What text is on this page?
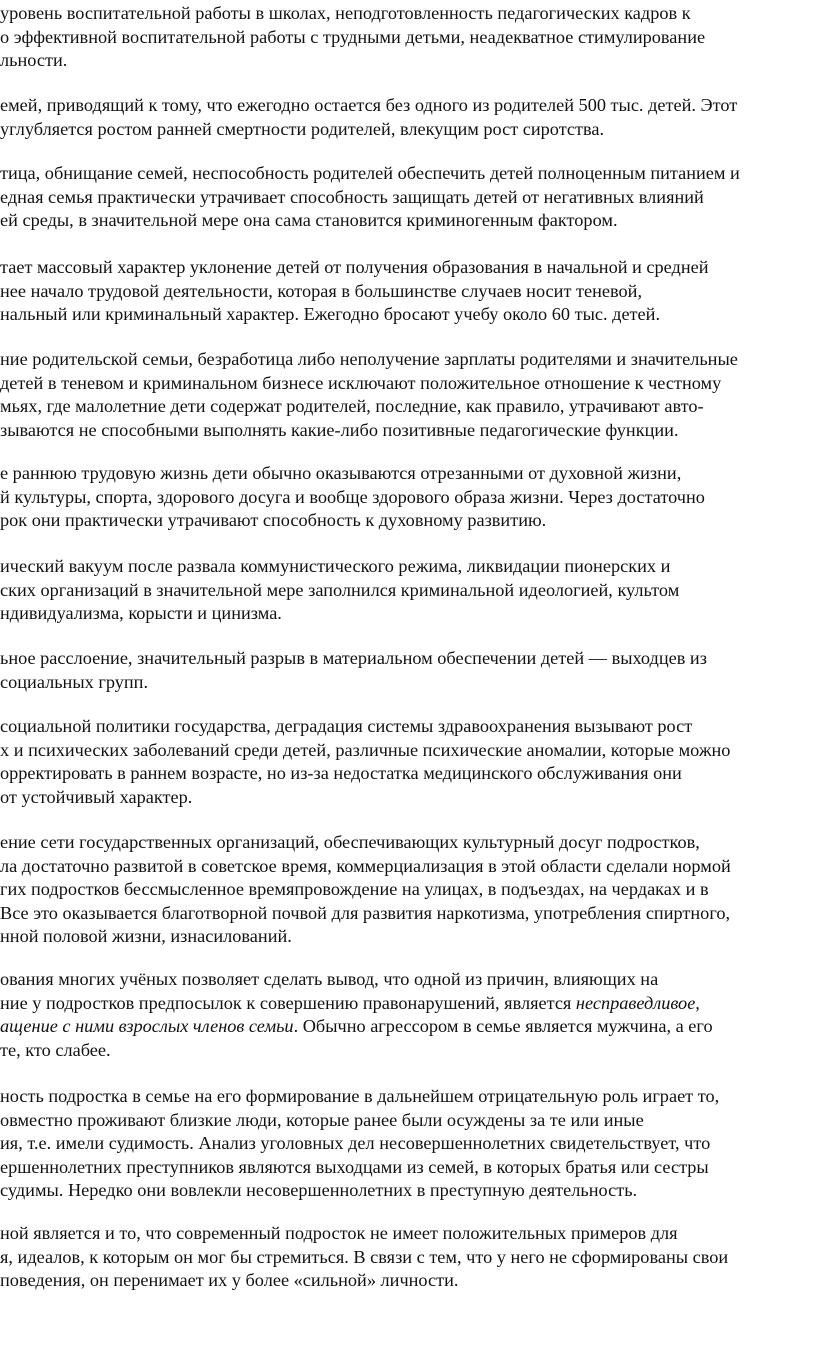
уровень воспитательной работы в школах, неподготовленность педагогических кадров к
о эффективной воспитательной работы с трудными детьми, неадекватное стимулирование
льности.

емей, приводящий к тому, что ежегодно остается без одного из родителей 500 тыс. детей. Этот
углубляется ростом ранней смертности родителей, влекущим рост сиротства.

тица, обнищание семей, неспособность родителей обеспечить детей полноценным питанием и
едная семья практически утрачивает способность защищать детей от негативных влияний
ей среды, в значительной мере она сама становится криминогенным фактором.

тает массовый характер уклонение детей от получения образования в начальной и средней
нее начало трудовой деятельности, которая в большинстве случаев носит теневой,
нальный или криминальный характер. Ежегодно бросают учебу около 60 тыс. детей.

ние родительской семьи, безработица либо неполучение зарплаты родителями и значительные
детей в теневом и криминальном бизнесе исключают положительное отношение к честному
мьях, где малолетние дети содержат родителей, последние, как правило, утрачивают авто-
зываются не способными выполнять какие-либо позитивные педагогические функции.

е раннюю трудовую жизнь дети обычно оказываются отрезанными от духовной жизни,
й культуры, спорта, здорового досуга и вообще здорового образа жизни. Через достаточно
рок они практически утрачивают способность к духовному развитию.

ический вакуум после развала коммунистического режима, ликвидации пионерских и
ских организаций в значительной мере заполнился криминальной идеологией, культом
ндивидуализма, корысти и цинизма.

ьное расслоение, значительный разрыв в материальном обеспечении детей — выходцев из
социальных групп.

социальной политики государства, деградация системы здравоохранения вызывают рост
х и психических заболеваний среди детей, различные психические аномалии, которые можно
орректировать в раннем возрасте, но из-за недостатка медицинского обслуживания они
от устойчивый характер.

ение сети государственных организаций, обеспечивающих культурный досуг подростков,
ла достаточно развитой в советское время, коммерциализация в этой области сделали нормой
гих подростков бессмысленное времяпровождение на улицах, в подъездах, на чердаках и в
Все это оказывается благотворной почвой для развития наркотизма, употребления спиртного,
нной половой жизни, изнасилований.

ования многих учёных позволяет сделать вывод, что одной из причин, влияющих на
ние у подростков предпосылок к совершению правонарушений, является несправедливое,
ащение с ними взрослых членов семьи. Обычно агрессором в семье является мужчина, а его
те, кто слабее.

ность подростка в семье на его формирование в дальнейшем отрицательную роль играет то,
овместно проживают близкие люди, которые ранее были осуждены за те или иные
ия, т.е. имели судимость. Анализ уголовных дел несовершеннолетних свидетельствует, что
ершеннолетних преступников являются выходцами из семей, в которых братья или сестры
судимы. Нередко они вовлекли несовершеннолетних в преступную деятельность.

ной является и то, что современный подросток не имеет положительных примеров для
я, идеалов, к которым он мог бы стремиться. В связи с тем, что у него не сформированы свои
поведения, он перенимает их у более «сильной» личности.
